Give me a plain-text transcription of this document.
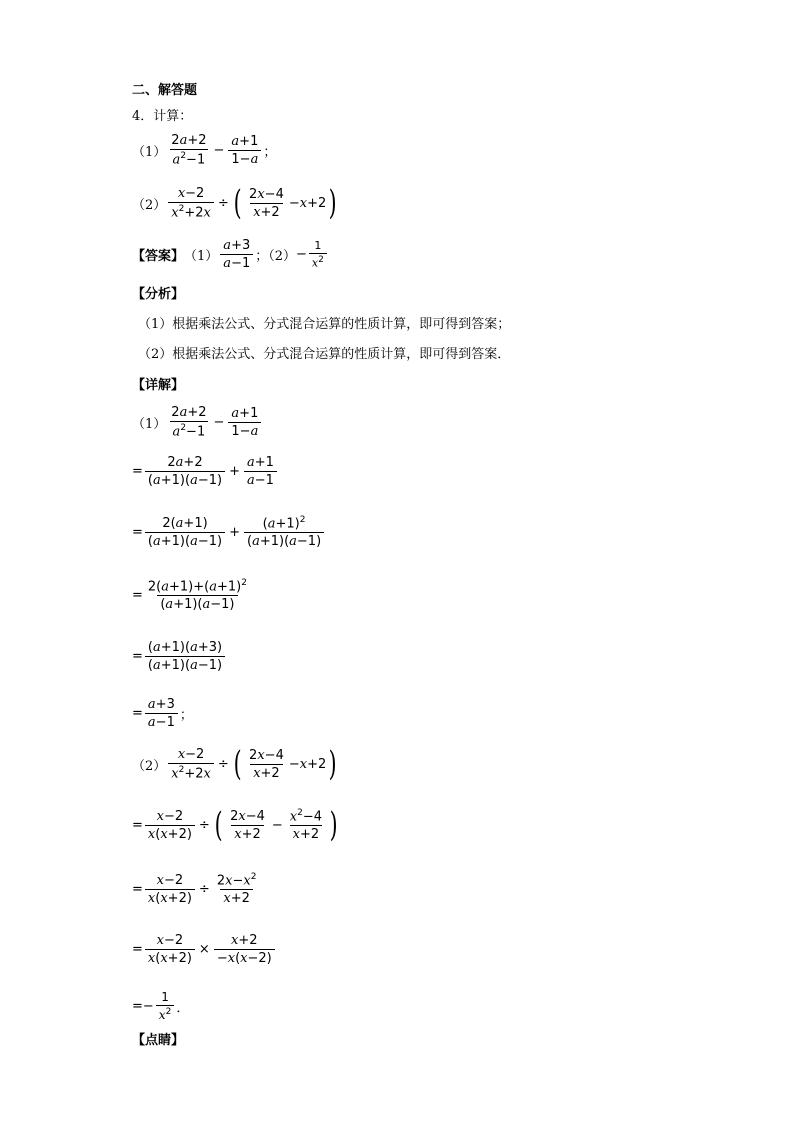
二、解答题
4．计算：
$(1) \frac{2a+2}{a^2-1} - \frac{a+1}{1-a}$ ；
$(2) \frac{x-2}{x^2+2x}$ ÷ ( $\frac{2x-4}{x+2} -x+2$ )
【答案】 $(1) \frac{a+3}{a-1}$ ；$(2) - \frac{1}{x^2}$
【分析】
（1）根据乘法公式、分式混合运算的性质计算，即可得到答案；
（2）根据乘法公式、分式混合运算的性质计算，即可得到答案．
【详解】
$(1) \frac{2a+2}{a^2-1} - \frac{a+1}{1-a}$
= $\frac{2a+2}{(a+1)(a-1)} + \frac{a+1}{a-1}$
= $\frac{2(a+1)}{(a+1)(a-1)} + \frac{(a+1)^2}{(a+1)(a-1)}$
= $\frac{2(a+1)+(a+1)^2}{(a+1)(a-1)}$
= $\frac{(a+1)(a+3)}{(a+1)(a-1)}$
= $\frac{a+3}{a-1}$ ；
$(2) \frac{x-2}{x^2+2x}$ ÷ ( $\frac{2x-4}{x+2} -x+2$ )
= $\frac{x-2}{x(x+2)}$ ÷ ( $\frac{2x-4}{x+2} - \frac{x^2-4}{x+2}$ )
= $\frac{x-2}{x(x+2)} \div \frac{2x-x^2}{x+2}$
= $\frac{x-2}{x(x+2)} \times \frac{x+2}{-x(x-2)}$
=− $\frac{1}{x^2}$ ．
【点睛】
